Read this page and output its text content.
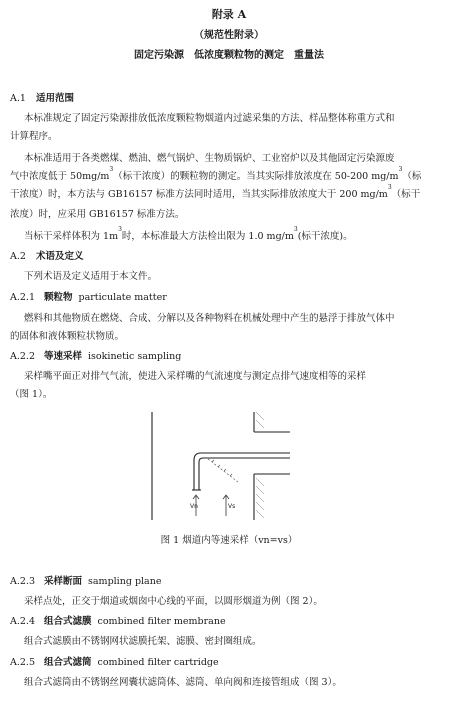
附录 A
（规范性附录）
固定污染源　低浓度颗粒物的测定　重量法
A.1 适用范围
本标准规定了固定污染源排放低浓度颗粒物烟道内过滤采集的方法、样品整体称重方式和
计算程序。
本标准适用于各类燃煤、燃油、燃气锅炉、生物质锅炉、工业窑炉以及其他固定污染源废
气中浓度低于 $50mg/m^3$（标干浓度）的颗粒物的测定。当其实际排放浓度在 50-200 $mg/m^3$（标
干浓度）时，本方法与 GB16157 标准方法同时适用，当其实际排放浓度大于 200 $mg/m^3$（标干
浓度）时，应采用 GB16157 标准方法。
当标干采样体积为 $1m^3$时，本标准最大方法检出限为 1.0 $mg/m^3$(标干浓度)。
A.2 术语及定义
下列术语及定义适用于本文件。
A.2.1 颗粒物 particulate matter
燃料和其他物质在燃烧、合成、分解以及各种物料在机械处理中产生的悬浮于排放气体中
的固体和液体颗粒状物质。
A.2.2 等速采样 isokinetic sampling
采样嘴平面正对排气气流，使进入采样嘴的气流速度与测定点排气速度相等的采样
（图 1）。
Vn	Vs
图 1 烟道内等速采样（vn=vs）
A.2.3 采样断面 sampling plane
采样点处，正交于烟道或烟囱中心线的平面，以圆形烟道为例（图 2）。
A.2.4 组合式滤膜 combined filter membrane
组合式滤膜由不锈钢网状滤膜托架、滤膜、密封圈组成。
A.2.5 组合式滤筒 combined filter cartridge
组合式滤筒由不锈钢丝网囊状滤筒体、滤筒、单向阀和连接管组成（图 3）。
